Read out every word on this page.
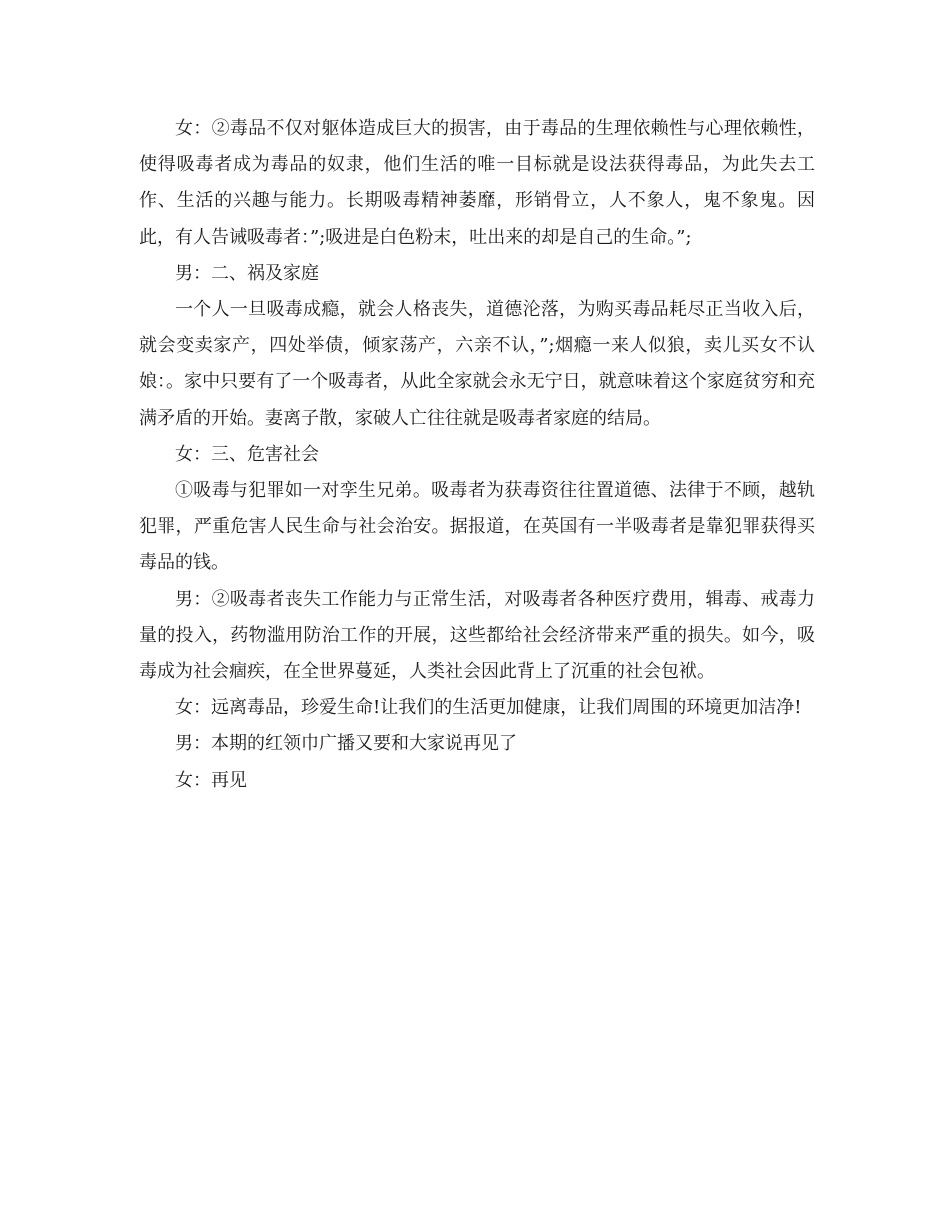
女：②毒品不仅对躯体造成巨大的损害，由于毒品的生理依赖性与心理依赖性，使得吸毒者成为毒品的奴隶，他们生活的唯一目标就是设法获得毒品，为此失去工作、生活的兴趣与能力。长期吸毒精神萎靡，形销骨立，人不象人，鬼不象鬼。因此，有人告诫吸毒者：”;吸进是白色粉末，吐出来的却是自己的生命。”;

男：二、祸及家庭

一个人一旦吸毒成瘾，就会人格丧失，道德沦落，为购买毒品耗尽正当收入后，就会变卖家产，四处举债，倾家荡产，六亲不认，”;烟瘾一来人似狼，卖儿买女不认娘：。家中只要有了一个吸毒者，从此全家就会永无宁日，就意味着这个家庭贫穷和充满矛盾的开始。妻离子散，家破人亡往往就是吸毒者家庭的结局。

女：三、危害社会

①吸毒与犯罪如一对孪生兄弟。吸毒者为获毒资往往置道德、法律于不顾，越轨犯罪，严重危害人民生命与社会治安。据报道，在英国有一半吸毒者是靠犯罪获得买毒品的钱。

男：②吸毒者丧失工作能力与正常生活，对吸毒者各种医疗费用，辑毒、戒毒力量的投入，药物滥用防治工作的开展，这些都给社会经济带来严重的损失。如今，吸毒成为社会痼疾，在全世界蔓延，人类社会因此背上了沉重的社会包袱。

女：远离毒品，珍爱生命!让我们的生活更加健康，让我们周围的环境更加洁净!

男：本期的红领巾广播又要和大家说再见了

女：再见
